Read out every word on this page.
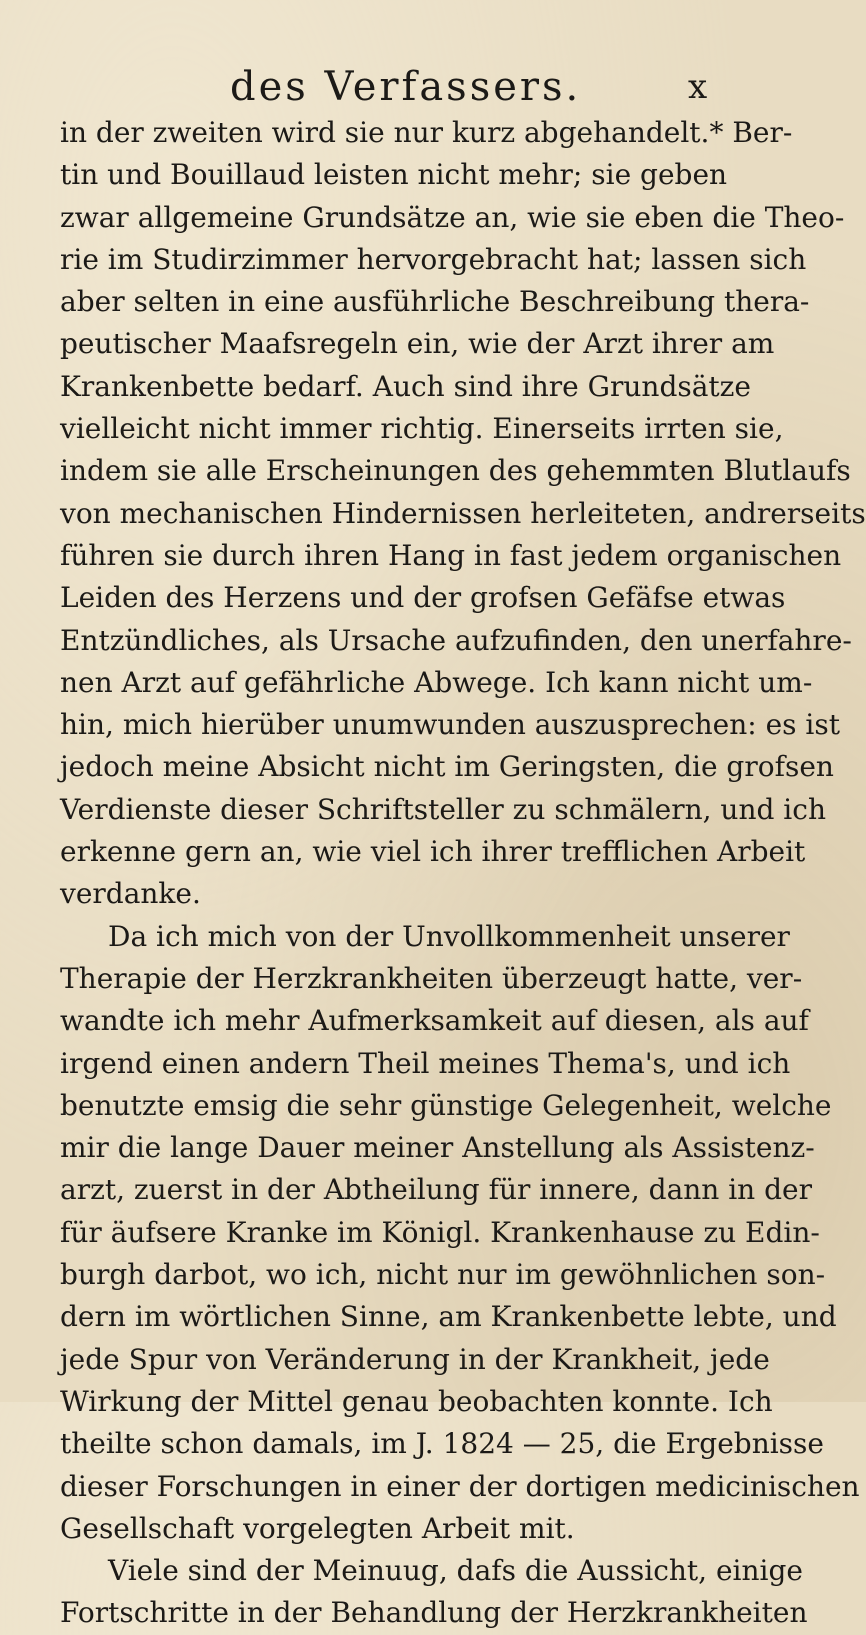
des Verfassers.	x
in der zweiten wird sie nur kurz abgehandelt.* Ber-
tin und Bouillaud leisten nicht mehr; sie geben
zwar allgemeine Grundsätze an, wie sie eben die Theo-
rie im Studirzimmer hervorgebracht hat; lassen sich
aber selten in eine ausführliche Beschreibung thera-
peutischer Maafsregeln ein, wie der Arzt ihrer am
Krankenbette bedarf. Auch sind ihre Grundsätze
vielleicht nicht immer richtig. Einerseits irrten sie,
indem sie alle Erscheinungen des gehemmten Blutlaufs
von mechanischen Hindernissen herleiteten, andrerseits
führen sie durch ihren Hang in fast jedem organischen
Leiden des Herzens und der grofsen Gefäfse etwas
Entzündliches, als Ursache aufzufinden, den unerfahre-
nen Arzt auf gefährliche Abwege. Ich kann nicht um-
hin, mich hierüber unumwunden auszusprechen: es ist
jedoch meine Absicht nicht im Geringsten, die grofsen
Verdienste dieser Schriftsteller zu schmälern, und ich
erkenne gern an, wie viel ich ihrer trefflichen Arbeit
verdanke.
Da ich mich von der Unvollkommenheit unserer
Therapie der Herzkrankheiten überzeugt hatte, ver-
wandte ich mehr Aufmerksamkeit auf diesen, als auf
irgend einen andern Theil meines Thema's, und ich
benutzte emsig die sehr günstige Gelegenheit, welche
mir die lange Dauer meiner Anstellung als Assistenz-
arzt, zuerst in der Abtheilung für innere, dann in der
für äufsere Kranke im Königl. Krankenhause zu Edin-
burgh darbot, wo ich, nicht nur im gewöhnlichen son-
dern im wörtlichen Sinne, am Krankenbette lebte, und
jede Spur von Veränderung in der Krankheit, jede
Wirkung der Mittel genau beobachten konnte. Ich
theilte schon damals, im J. 1824 — 25, die Ergebnisse
dieser Forschungen in einer der dortigen medicinischen
Gesellschaft vorgelegten Arbeit mit.
Viele sind der Meinuug, dafs die Aussicht, einige
Fortschritte in der Behandlung der Herzkrankheiten
